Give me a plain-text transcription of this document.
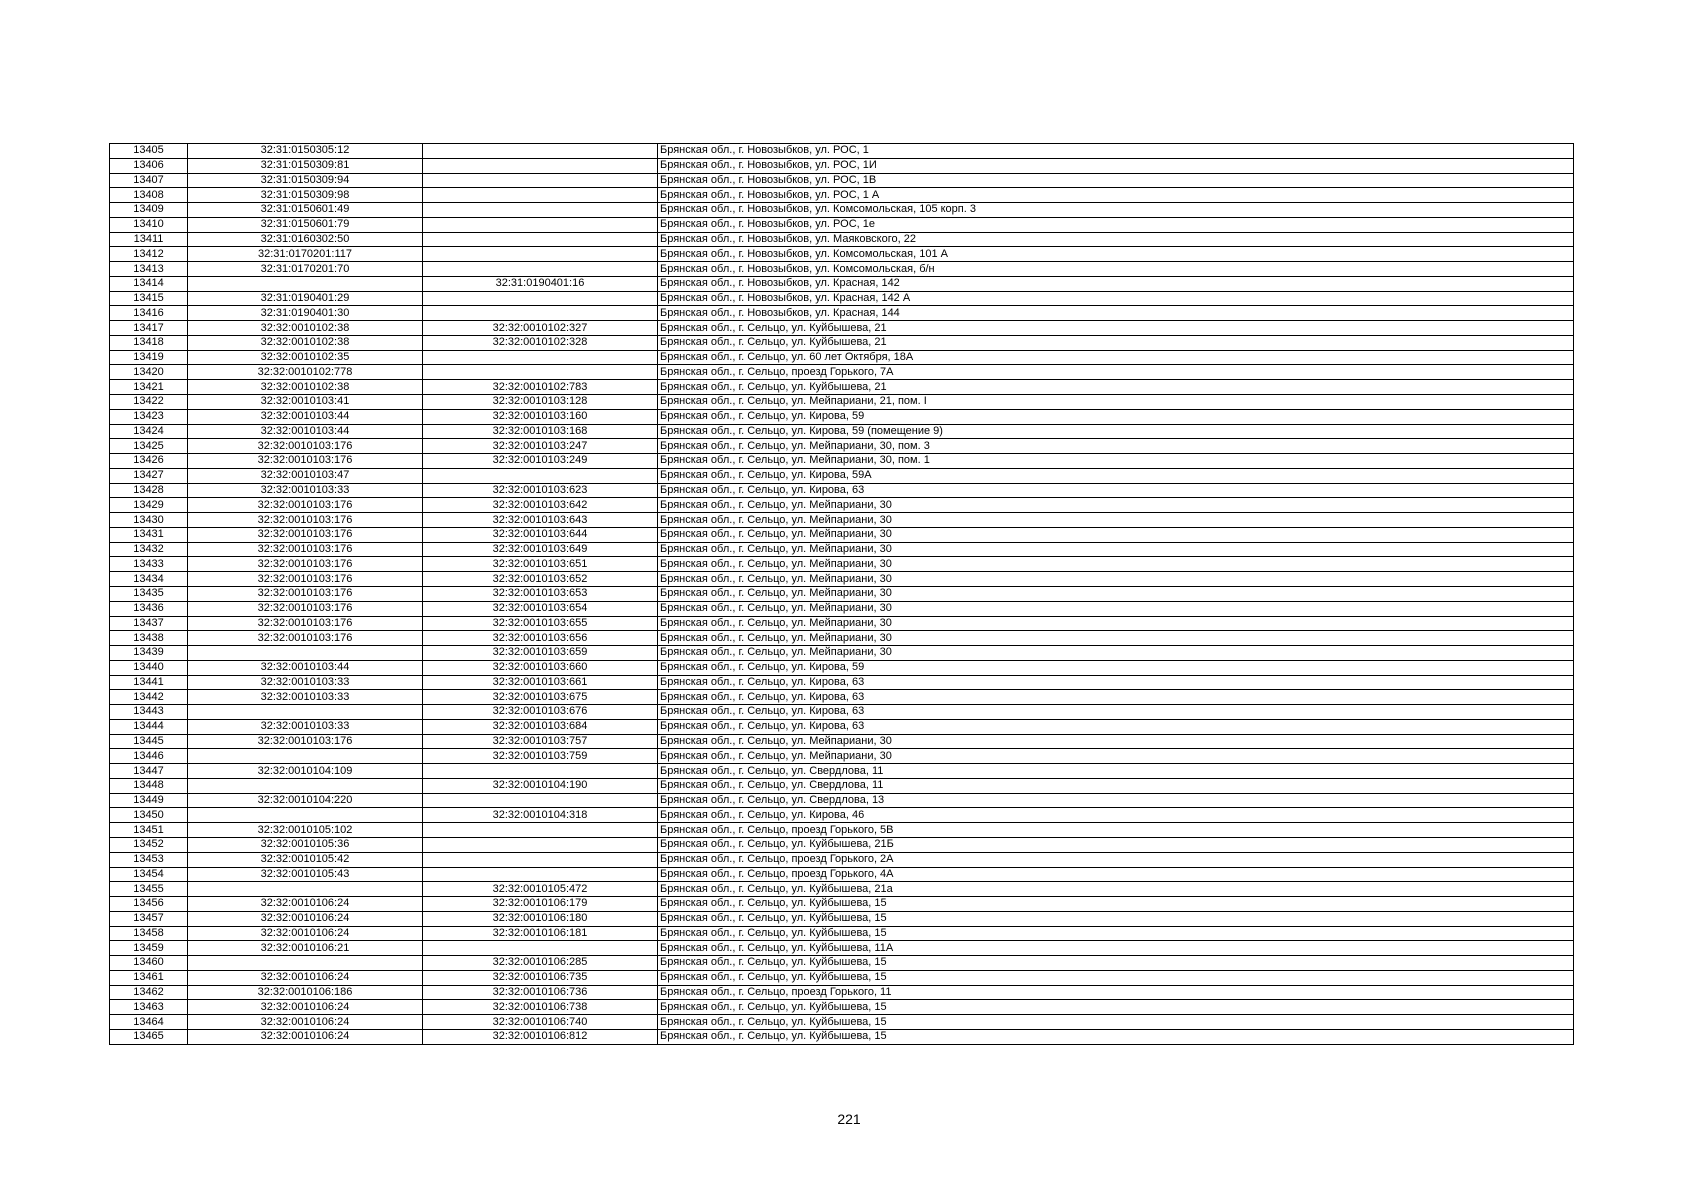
13405	32:31:0150305:12		Брянская обл., г. Новозыбков, ул. РОС, 1
13406	32:31:0150309:81		Брянская обл., г. Новозыбков, ул. РОС, 1И
13407	32:31:0150309:94		Брянская обл., г. Новозыбков, ул. РОС, 1В
13408	32:31:0150309:98		Брянская обл., г. Новозыбков, ул. РОС, 1 А
13409	32:31:0150601:49		Брянская обл., г. Новозыбков, ул. Комсомольская, 105 корп. 3
13410	32:31:0150601:79		Брянская обл., г. Новозыбков, ул. РОС, 1е
13411	32:31:0160302:50		Брянская обл., г. Новозыбков, ул. Маяковского, 22
13412	32:31:0170201:117		Брянская обл., г. Новозыбков, ул. Комсомольская, 101 А
13413	32:31:0170201:70		Брянская обл., г. Новозыбков, ул. Комсомольская, б/н
13414		32:31:0190401:16	Брянская обл., г. Новозыбков, ул. Красная, 142
13415	32:31:0190401:29		Брянская обл., г. Новозыбков, ул. Красная, 142 А
13416	32:31:0190401:30		Брянская обл., г. Новозыбков, ул. Красная, 144
13417	32:32:0010102:38	32:32:0010102:327	Брянская обл., г. Сельцо, ул. Куйбышева, 21
13418	32:32:0010102:38	32:32:0010102:328	Брянская обл., г. Сельцо, ул. Куйбышева, 21
13419	32:32:0010102:35		Брянская обл., г. Сельцо, ул. 60 лет Октября, 18А
13420	32:32:0010102:778		Брянская обл., г. Сельцо, проезд Горького, 7А
13421	32:32:0010102:38	32:32:0010102:783	Брянская обл., г. Сельцо, ул. Куйбышева, 21
13422	32:32:0010103:41	32:32:0010103:128	Брянская обл., г. Сельцо, ул. Мейпариани, 21, пом. I
13423	32:32:0010103:44	32:32:0010103:160	Брянская обл., г. Сельцо, ул. Кирова, 59
13424	32:32:0010103:44	32:32:0010103:168	Брянская обл., г. Сельцо, ул. Кирова, 59 (помещение 9)
13425	32:32:0010103:176	32:32:0010103:247	Брянская обл., г. Сельцо, ул. Мейпариани, 30, пом. 3
13426	32:32:0010103:176	32:32:0010103:249	Брянская обл., г. Сельцо, ул. Мейпариани, 30, пом. 1
13427	32:32:0010103:47		Брянская обл., г. Сельцо, ул. Кирова, 59А
13428	32:32:0010103:33	32:32:0010103:623	Брянская обл., г. Сельцо, ул. Кирова, 63
13429	32:32:0010103:176	32:32:0010103:642	Брянская обл., г. Сельцо, ул. Мейпариани, 30
13430	32:32:0010103:176	32:32:0010103:643	Брянская обл., г. Сельцо, ул. Мейпариани, 30
13431	32:32:0010103:176	32:32:0010103:644	Брянская обл., г. Сельцо, ул. Мейпариани, 30
13432	32:32:0010103:176	32:32:0010103:649	Брянская обл., г. Сельцо, ул. Мейпариани, 30
13433	32:32:0010103:176	32:32:0010103:651	Брянская обл., г. Сельцо, ул. Мейпариани, 30
13434	32:32:0010103:176	32:32:0010103:652	Брянская обл., г. Сельцо, ул. Мейпариани, 30
13435	32:32:0010103:176	32:32:0010103:653	Брянская обл., г. Сельцо, ул. Мейпариани, 30
13436	32:32:0010103:176	32:32:0010103:654	Брянская обл., г. Сельцо, ул. Мейпариани, 30
13437	32:32:0010103:176	32:32:0010103:655	Брянская обл., г. Сельцо, ул. Мейпариани, 30
13438	32:32:0010103:176	32:32:0010103:656	Брянская обл., г. Сельцо, ул. Мейпариани, 30
13439		32:32:0010103:659	Брянская обл., г. Сельцо, ул. Мейпариани, 30
13440	32:32:0010103:44	32:32:0010103:660	Брянская обл., г. Сельцо, ул. Кирова, 59
13441	32:32:0010103:33	32:32:0010103:661	Брянская обл., г. Сельцо, ул. Кирова, 63
13442	32:32:0010103:33	32:32:0010103:675	Брянская обл., г. Сельцо, ул. Кирова, 63
13443		32:32:0010103:676	Брянская обл., г. Сельцо, ул. Кирова, 63
13444	32:32:0010103:33	32:32:0010103:684	Брянская обл., г. Сельцо, ул. Кирова, 63
13445	32:32:0010103:176	32:32:0010103:757	Брянская обл., г. Сельцо, ул. Мейпариани, 30
13446		32:32:0010103:759	Брянская обл., г. Сельцо, ул. Мейпариани, 30
13447	32:32:0010104:109		Брянская обл., г. Сельцо, ул. Свердлова, 11
13448		32:32:0010104:190	Брянская обл., г. Сельцо, ул. Свердлова, 11
13449	32:32:0010104:220		Брянская обл., г. Сельцо, ул. Свердлова, 13
13450		32:32:0010104:318	Брянская обл., г. Сельцо, ул. Кирова, 46
13451	32:32:0010105:102		Брянская обл., г. Сельцо, проезд Горького, 5В
13452	32:32:0010105:36		Брянская обл., г. Сельцо, ул. Куйбышева, 21Б
13453	32:32:0010105:42		Брянская обл., г. Сельцо, проезд Горького, 2А
13454	32:32:0010105:43		Брянская обл., г. Сельцо, проезд Горького, 4А
13455		32:32:0010105:472	Брянская обл., г. Сельцо, ул. Куйбышева, 21а
13456	32:32:0010106:24	32:32:0010106:179	Брянская обл., г. Сельцо, ул. Куйбышева, 15
13457	32:32:0010106:24	32:32:0010106:180	Брянская обл., г. Сельцо, ул. Куйбышева, 15
13458	32:32:0010106:24	32:32:0010106:181	Брянская обл., г. Сельцо, ул. Куйбышева, 15
13459	32:32:0010106:21		Брянская обл., г. Сельцо, ул. Куйбышева, 11А
13460		32:32:0010106:285	Брянская обл., г. Сельцо, ул. Куйбышева, 15
13461	32:32:0010106:24	32:32:0010106:735	Брянская обл., г. Сельцо, ул. Куйбышева, 15
13462	32:32:0010106:186	32:32:0010106:736	Брянская обл., г. Сельцо, проезд Горького, 11
13463	32:32:0010106:24	32:32:0010106:738	Брянская обл., г. Сельцо, ул. Куйбышева, 15
13464	32:32:0010106:24	32:32:0010106:740	Брянская обл., г. Сельцо, ул. Куйбышева, 15
13465	32:32:0010106:24	32:32:0010106:812	Брянская обл., г. Сельцо, ул. Куйбышева, 15
221
